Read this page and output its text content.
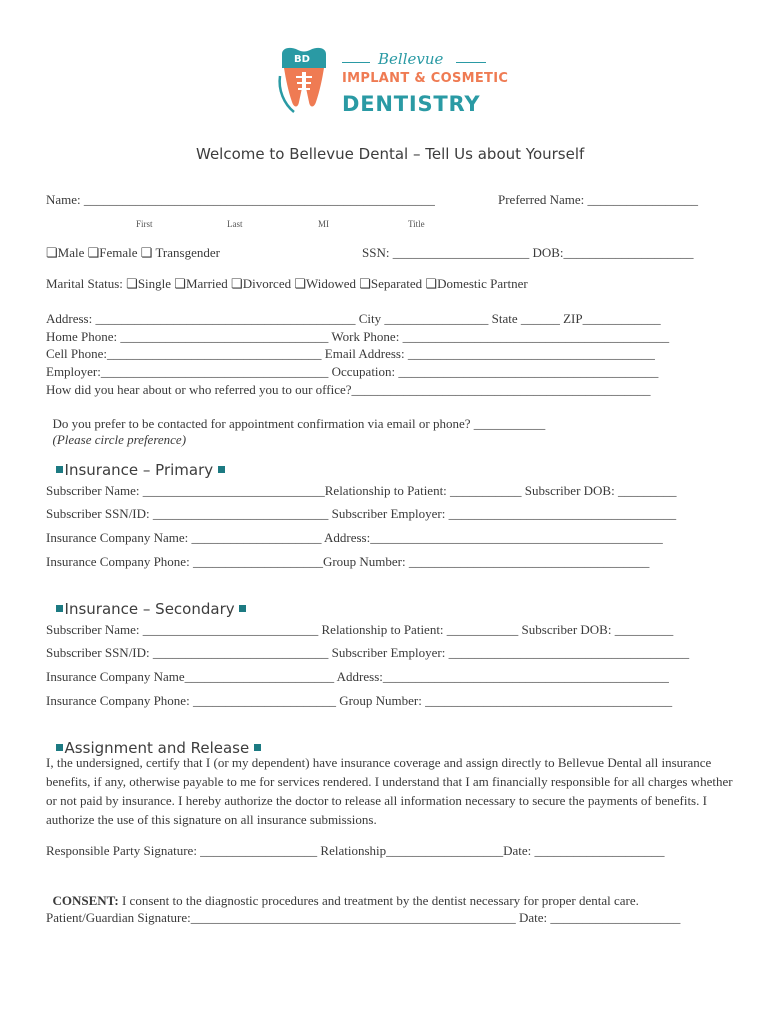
BD	Bellevue
IMPLANT & COSMETIC
DENTISTRY
Welcome to Bellevue Dental – Tell Us about Yourself
Name: ______________________________________________________	Preferred Name: _________________
First	Last	MI	Title
❏Male ❏Female ❏ Transgender	SSN: _____________________ DOB:____________________
Marital Status: ❏Single ❏Married ❏Divorced ❏Widowed ❏Separated ❏Domestic Partner
Address: ________________________________________ City ________________ State ______ ZIP____________
Home Phone: ________________________________ Work Phone: _________________________________________
Cell Phone:_________________________________ Email Address: ______________________________________
Employer:___________________________________ Occupation: ________________________________________
How did you hear about or who referred you to our office?______________________________________________

Do you prefer to be contacted for appointment confirmation via email or phone? ___________
(Please circle preference)

Insurance – Primary

Subscriber Name: ____________________________Relationship to Patient: ___________ Subscriber DOB: _________
Subscriber SSN/ID: ___________________________ Subscriber Employer: ___________________________________
Insurance Company Name: ____________________ Address:_____________________________________________
Insurance Company Phone: ____________________Group Number: _____________________________________

Insurance – Secondary

Subscriber Name: ___________________________ Relationship to Patient: ___________ Subscriber DOB: _________
Subscriber SSN/ID: ___________________________ Subscriber Employer: _____________________________________
Insurance Company Name_______________________ Address:____________________________________________
Insurance Company Phone: ______________________ Group Number: ______________________________________

Assignment and Release

I, the undersigned, certify that I (or my dependent) have insurance coverage and assign directly to Bellevue Dental all insurance benefits, if any, otherwise payable to me for services rendered. I understand that I am financially responsible for all charges whether or not paid by insurance. I hereby authorize the doctor to release all information necessary to secure the payments of benefits. I authorize the use of this signature on all insurance submissions.
Responsible Party Signature: __________________ Relationship__________________Date: ____________________

CONSENT: I consent to the diagnostic procedures and treatment by the dentist necessary for proper dental care.

Patient/Guardian Signature:__________________________________________________ Date: ____________________
